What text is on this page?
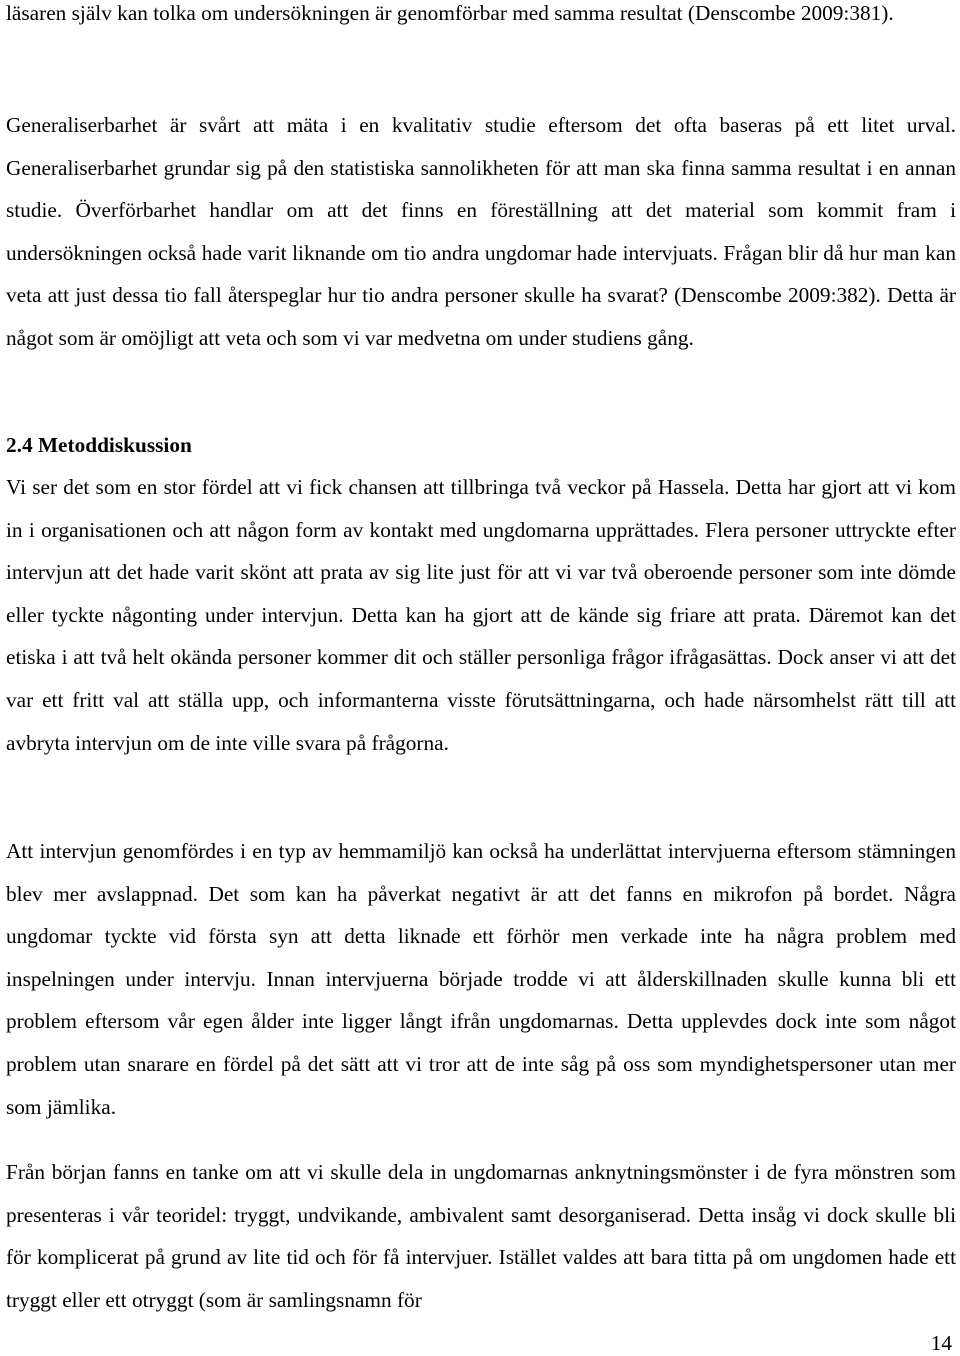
läsaren själv kan tolka om undersökningen är genomförbar med samma resultat (Denscombe 2009:381).

Generaliserbarhet är svårt att mäta i en kvalitativ studie eftersom det ofta baseras på ett litet urval. Generaliserbarhet grundar sig på den statistiska sannolikheten för att man ska finna samma resultat i en annan studie. Överförbarhet handlar om att det finns en föreställning att det material som kommit fram i undersökningen också hade varit liknande om tio andra ungdomar hade intervjuats. Frågan blir då hur man kan veta att just dessa tio fall återspeglar hur tio andra personer skulle ha svarat? (Denscombe 2009:382). Detta är något som är omöjligt att veta och som vi var medvetna om under studiens gång.

2.4 Metoddiskussion

Vi ser det som en stor fördel att vi fick chansen att tillbringa två veckor på Hassela. Detta har gjort att vi kom in i organisationen och att någon form av kontakt med ungdomarna upprättades. Flera personer uttryckte efter intervjun att det hade varit skönt att prata av sig lite just för att vi var två oberoende personer som inte dömde eller tyckte någonting under intervjun. Detta kan ha gjort att de kände sig friare att prata. Däremot kan det etiska i att två helt okända personer kommer dit och ställer personliga frågor ifrågasättas. Dock anser vi att det var ett fritt val att ställa upp, och informanterna visste förutsättningarna, och hade närsomhelst rätt till att avbryta intervjun om de inte ville svara på frågorna.

Att intervjun genomfördes i en typ av hemmamiljö kan också ha underlättat intervjuerna eftersom stämningen blev mer avslappnad. Det som kan ha påverkat negativt är att det fanns en mikrofon på bordet. Några ungdomar tyckte vid första syn att detta liknade ett förhör men verkade inte ha några problem med inspelningen under intervju. Innan intervjuerna började trodde vi att ålderskillnaden skulle kunna bli ett problem eftersom vår egen ålder inte ligger långt ifrån ungdomarnas. Detta upplevdes dock inte som något problem utan snarare en fördel på det sätt att vi tror att de inte såg på oss som myndighetspersoner utan mer som jämlika.

Från början fanns en tanke om att vi skulle dela in ungdomarnas anknytningsmönster i de fyra mönstren som presenteras i vår teoridel: tryggt, undvikande, ambivalent samt desorganiserad. Detta insåg vi dock skulle bli för komplicerat på grund av lite tid och för få intervjuer. Istället valdes att bara titta på om ungdomen hade ett tryggt eller ett otryggt (som är samlingsnamn för

14
